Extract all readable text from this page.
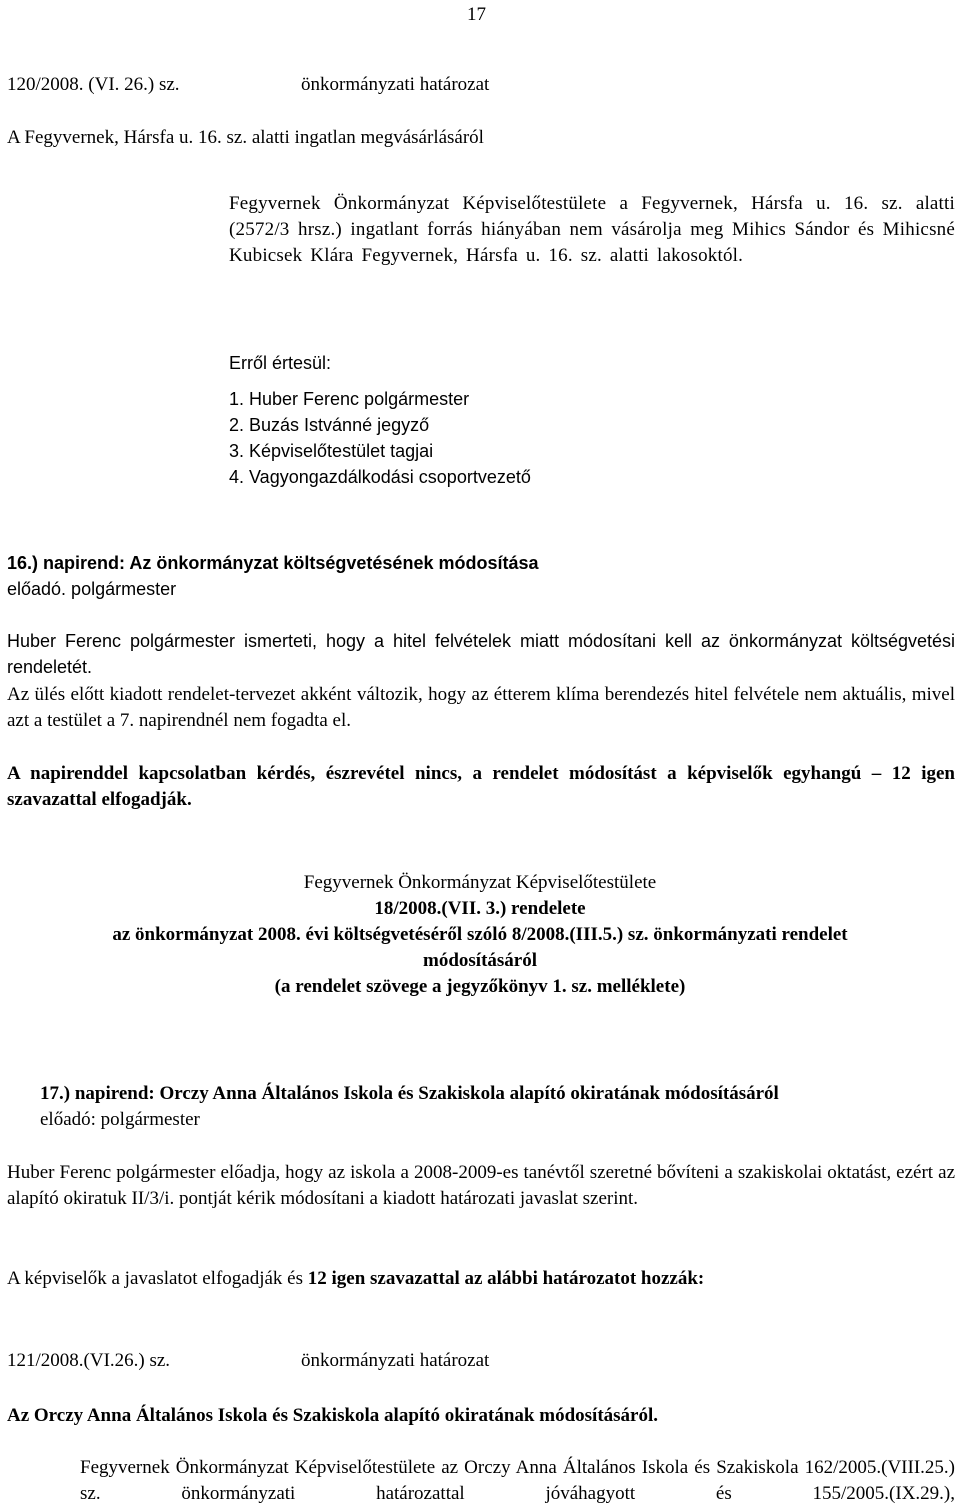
17
120/2008. (VI. 26.) sz.	önkormányzati határozat
A Fegyvernek, Hársfa u. 16. sz. alatti ingatlan megvásárlásáról

Fegyvernek Önkormányzat Képviselőtestülete a Fegyvernek, Hársfa u. 16. sz. alatti (2572/3 hrsz.) ingatlant forrás hiányában nem vásárolja meg Mihics Sándor és Mihicsné Kubicsek Klára Fegyvernek, Hársfa u. 16. sz. alatti lakosoktól.

Erről értesül:
1. Huber Ferenc polgármester
2. Buzás Istvánné jegyző
3. Képviselőtestület tagjai
4. Vagyongazdálkodási csoportvezető
16.) napirend: Az önkormányzat költségvetésének módosítása
előadó. polgármester

Huber Ferenc polgármester ismerteti, hogy a hitel felvételek miatt módosítani kell az önkormányzat költségvetési rendeletét.

Az ülés előtt kiadott rendelet-tervezet akként változik, hogy az étterem klíma berendezés hitel felvétele nem aktuális, mivel azt a testület a 7. napirendnél nem fogadta el.

A napirenddel kapcsolatban kérdés, észrevétel nincs, a rendelet módosítást a képviselők egyhangú – 12 igen szavazattal elfogadják.

Fegyvernek Önkormányzat Képviselőtestülete
18/2008.(VII. 3.) rendelete
az önkormányzat 2008. évi költségvetéséről szóló 8/2008.(III.5.) sz. önkormányzati rendelet
módosításáról
(a rendelet szövege a jegyzőkönyv 1. sz. melléklete)
17.) napirend: Orczy Anna Általános Iskola és Szakiskola alapító okiratának módosításáról
előadó: polgármester

Huber Ferenc polgármester előadja, hogy az iskola a 2008-2009-es tanévtől szeretné bővíteni a szakiskolai oktatást, ezért az alapító okiratuk II/3/i. pontját kérik módosítani a kiadott határozati javaslat szerint.

A képviselők a javaslatot elfogadják és 12 igen szavazattal az alábbi határozatot hozzák:

121/2008.(VI.26.) sz.	önkormányzati határozat
Az Orczy Anna Általános Iskola és Szakiskola alapító okiratának módosításáról.

Fegyvernek Önkormányzat Képviselőtestülete az Orczy Anna Általános Iskola és Szakiskola 162/2005.(VIII.25.) sz. önkormányzati határozattal jóváhagyott és 155/2005.(IX.29.),
